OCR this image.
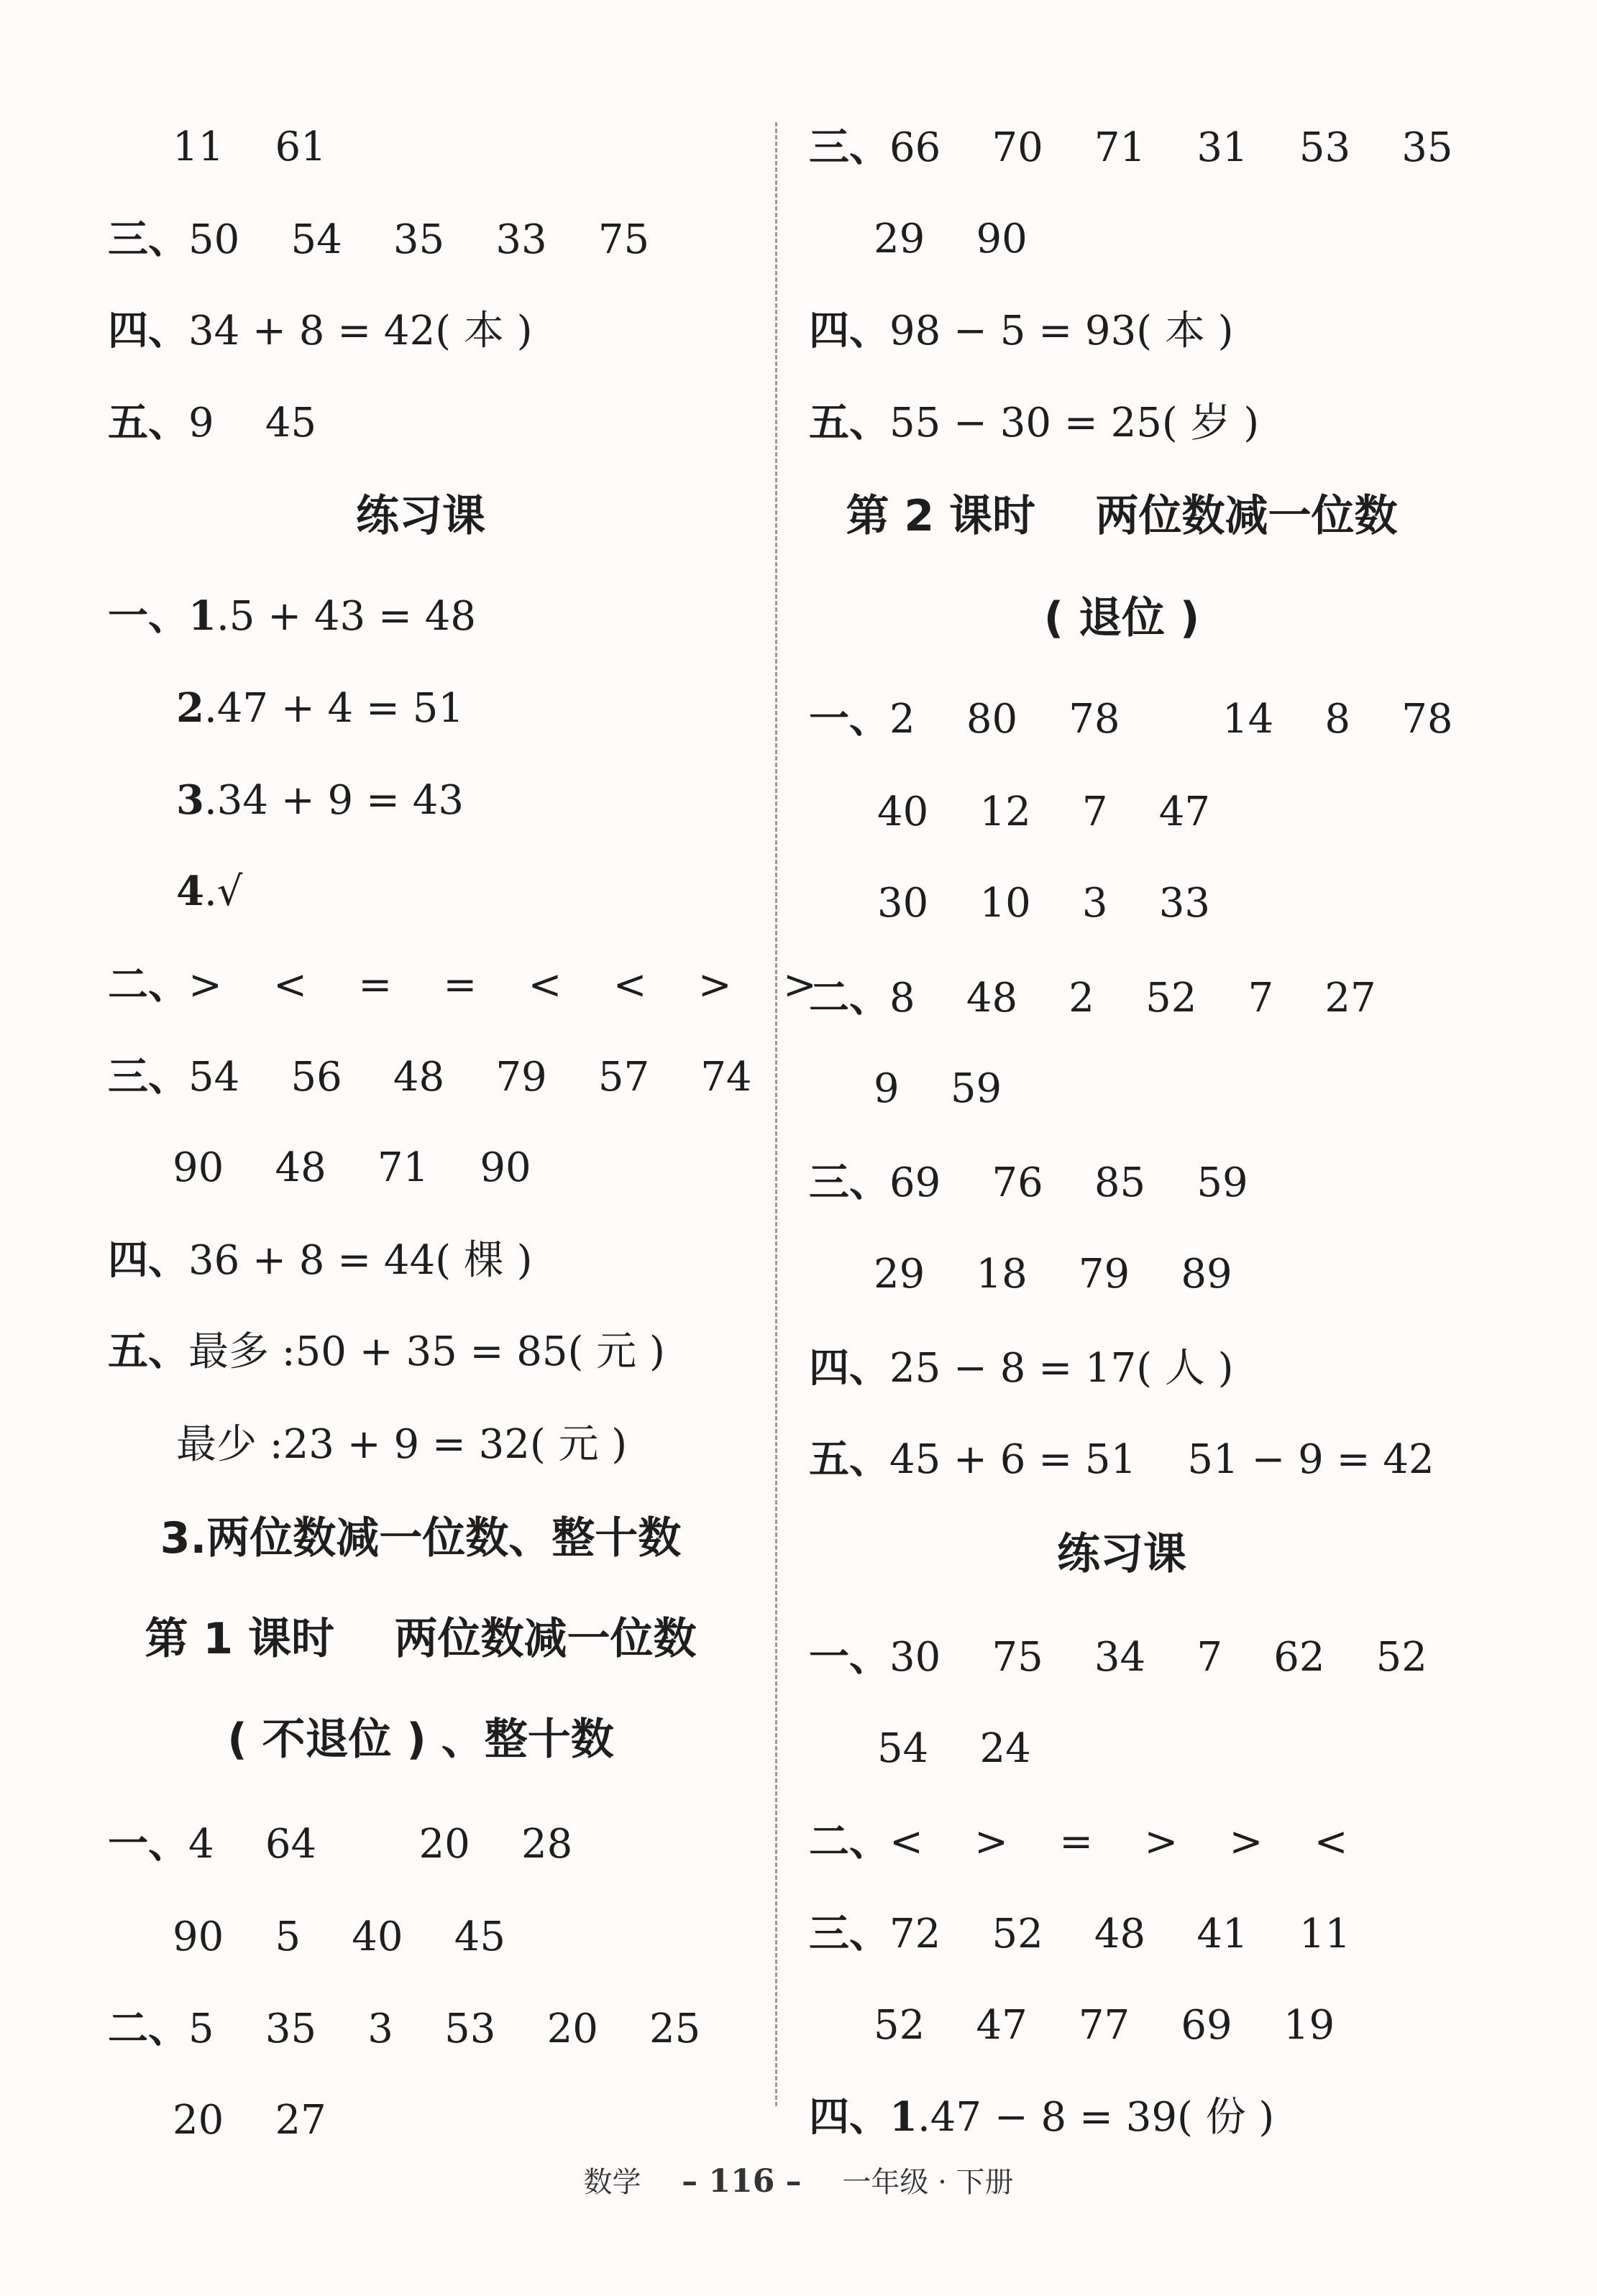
11    61
三、50    54    35    33    75
四、34 + 8 = 42( 本 )
五、9    45
练习课
一、1.5 + 43 = 48
2.47 + 4 = 51
3.34 + 9 = 43
4.√
二、>    <    =    =    <    <    >    >
三、54    56    48    79    57    74
90    48    71    90
四、36 + 8 = 44( 棵 )
五、最多 :50 + 35 = 85( 元 )
最少 :23 + 9 = 32( 元 )
3.两位数减一位数、整十数
第 1 课时    两位数减一位数
( 不退位 ) 、整十数
一、4    64        20    28
90    5    40    45
二、5    35    3    53    20    25
20    27
三、66    70    71    31    53    35
29    90
四、98 − 5 = 93( 本 )
五、55 − 30 = 25( 岁 )
第 2 课时    两位数减一位数
( 退位 )
一、2    80    78        14    8    78
40    12    7    47
30    10    3    33
二、8    48    2    52    7    27
9    59
三、69    76    85    59
29    18    79    89
四、25 − 8 = 17( 人 )
五、45 + 6 = 51    51 − 9 = 42
练习课
一、30    75    34    7    62    52
54    24
二、<    >    =    >    >    <
三、72    52    48    41    11
52    47    77    69    19
四、1.47 − 8 = 39( 份 )
数学 – 116 – 一年级 · 下册
